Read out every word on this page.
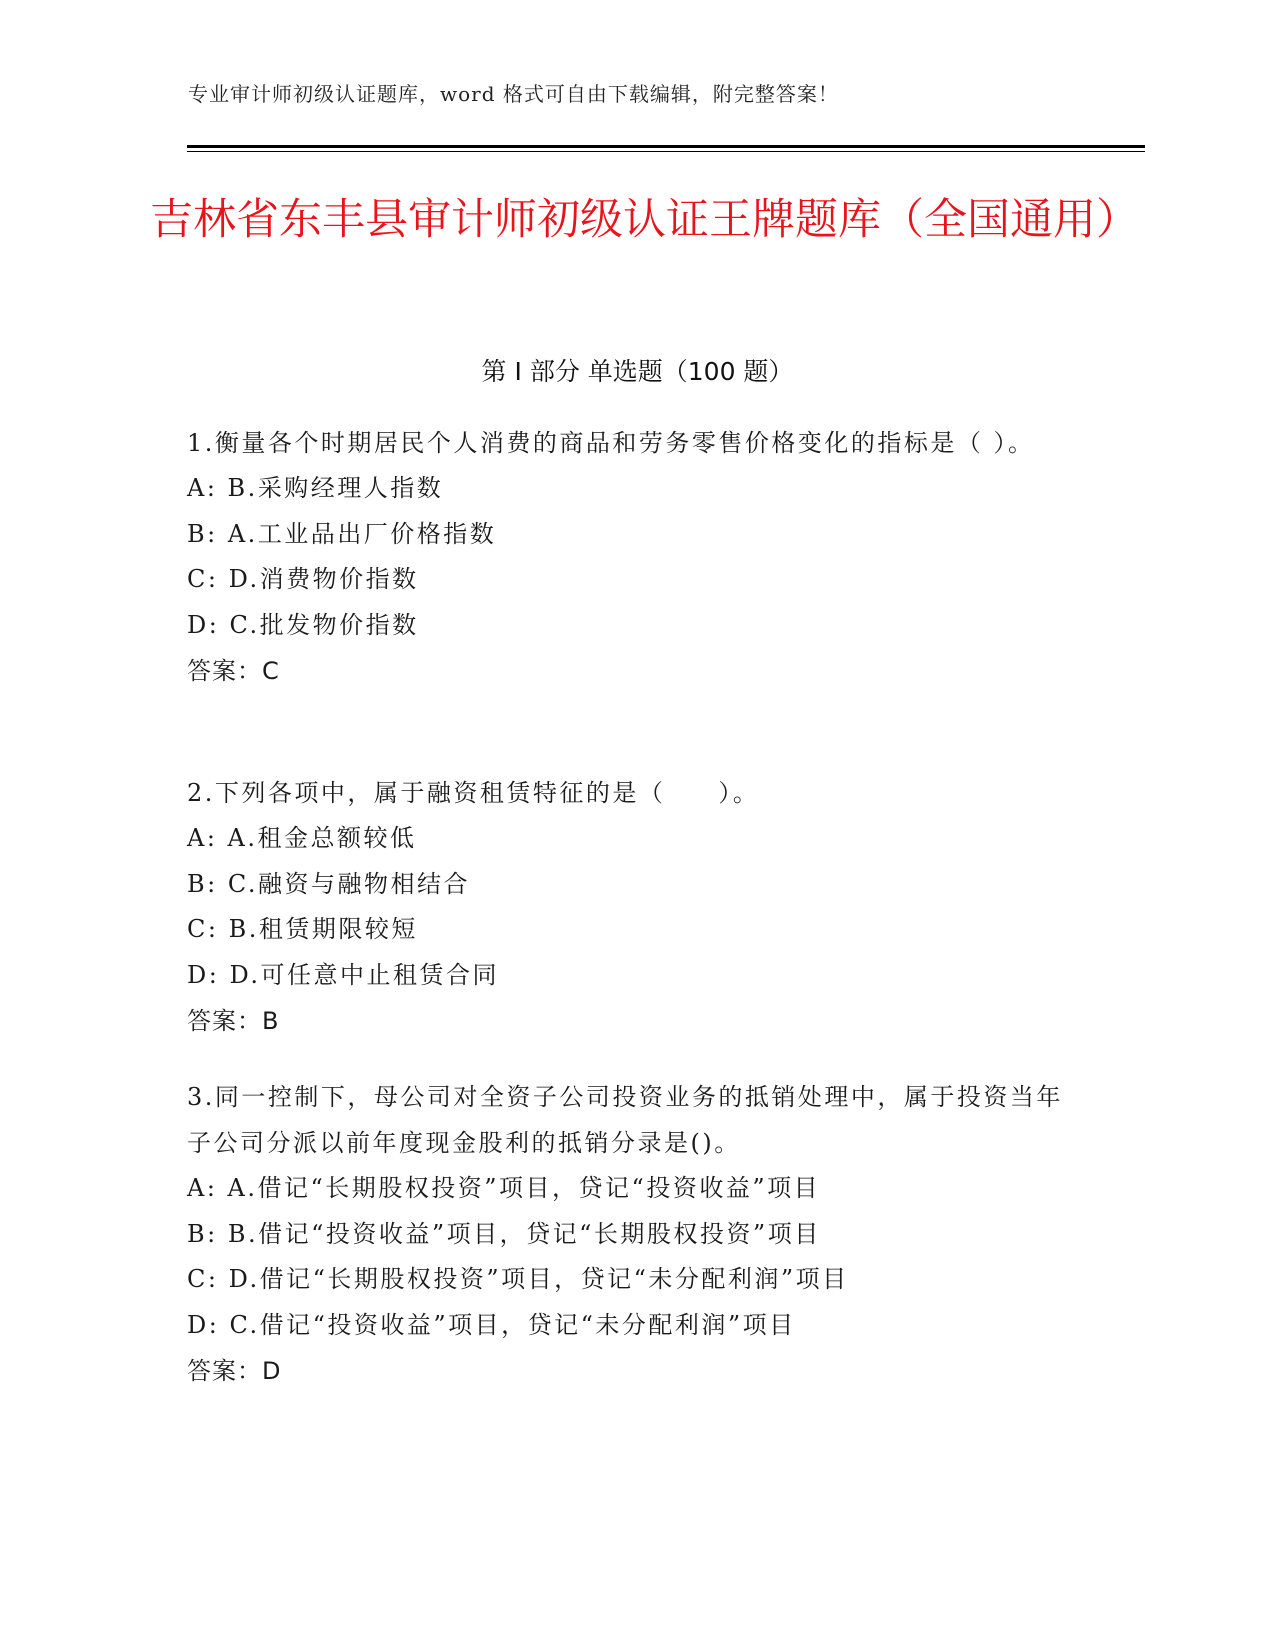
专业审计师初级认证题库，word 格式可自由下载编辑，附完整答案！
吉林省东丰县审计师初级认证王牌题库（全国通用）
第 I 部分 单选题（100 题）

1.衡量各个时期居民个人消费的商品和劳务零售价格变化的指标是（ ）。

A: B.采购经理人指数

B: A.工业品出厂价格指数

C: D.消费物价指数

D: C.批发物价指数

答案：C

2.下列各项中，属于融资租赁特征的是（　　）。

A: A.租金总额较低

B: C.融资与融物相结合

C: B.租赁期限较短

D: D.可任意中止租赁合同

答案：B

3.同一控制下，母公司对全资子公司投资业务的抵销处理中，属于投资当年子公司分派以前年度现金股利的抵销分录是()。

A: A.借记“长期股权投资”项目，贷记“投资收益”项目

B: B.借记“投资收益”项目，贷记“长期股权投资”项目

C: D.借记“长期股权投资”项目，贷记“未分配利润”项目

D: C.借记“投资收益”项目，贷记“未分配利润”项目

答案：D
